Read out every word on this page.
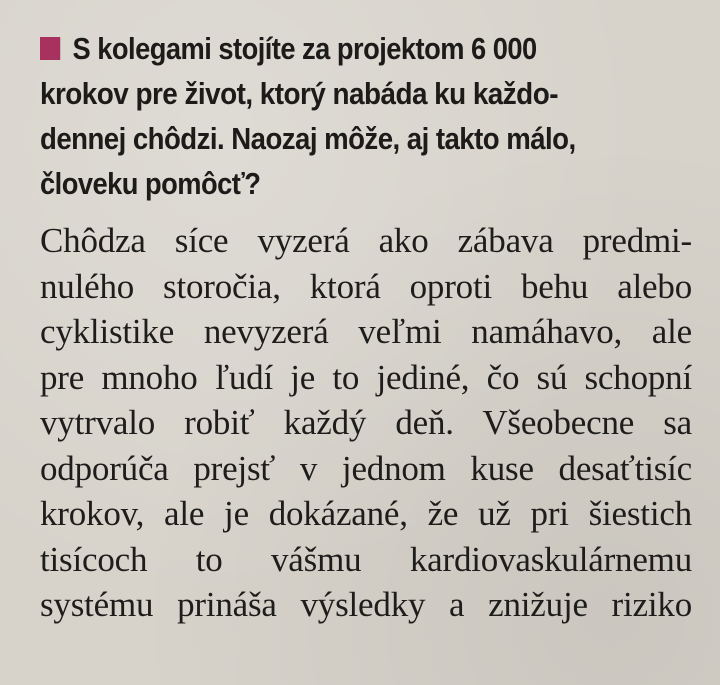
S kolegami stojíte za projektom 6 000
krokov pre život, ktorý nabáda ku každo-
dennej chôdzi. Naozaj môže, aj takto málo,
človeku pomôcť?
Chôdza síce vyzerá ako zábava predmi-
nulého storočia, ktorá oproti behu alebo
cyklistike nevyzerá veľmi namáhavo, ale
pre mnoho ľudí je to jediné, čo sú schopní
vytrvalo robiť každý deň. Všeobecne sa
odporúča prejsť v jednom kuse desaťtisíc
krokov, ale je dokázané, že už pri šiestich
tisícoch to vášmu kardiovaskulárnemu
systému prináša výsledky a znižuje riziko
